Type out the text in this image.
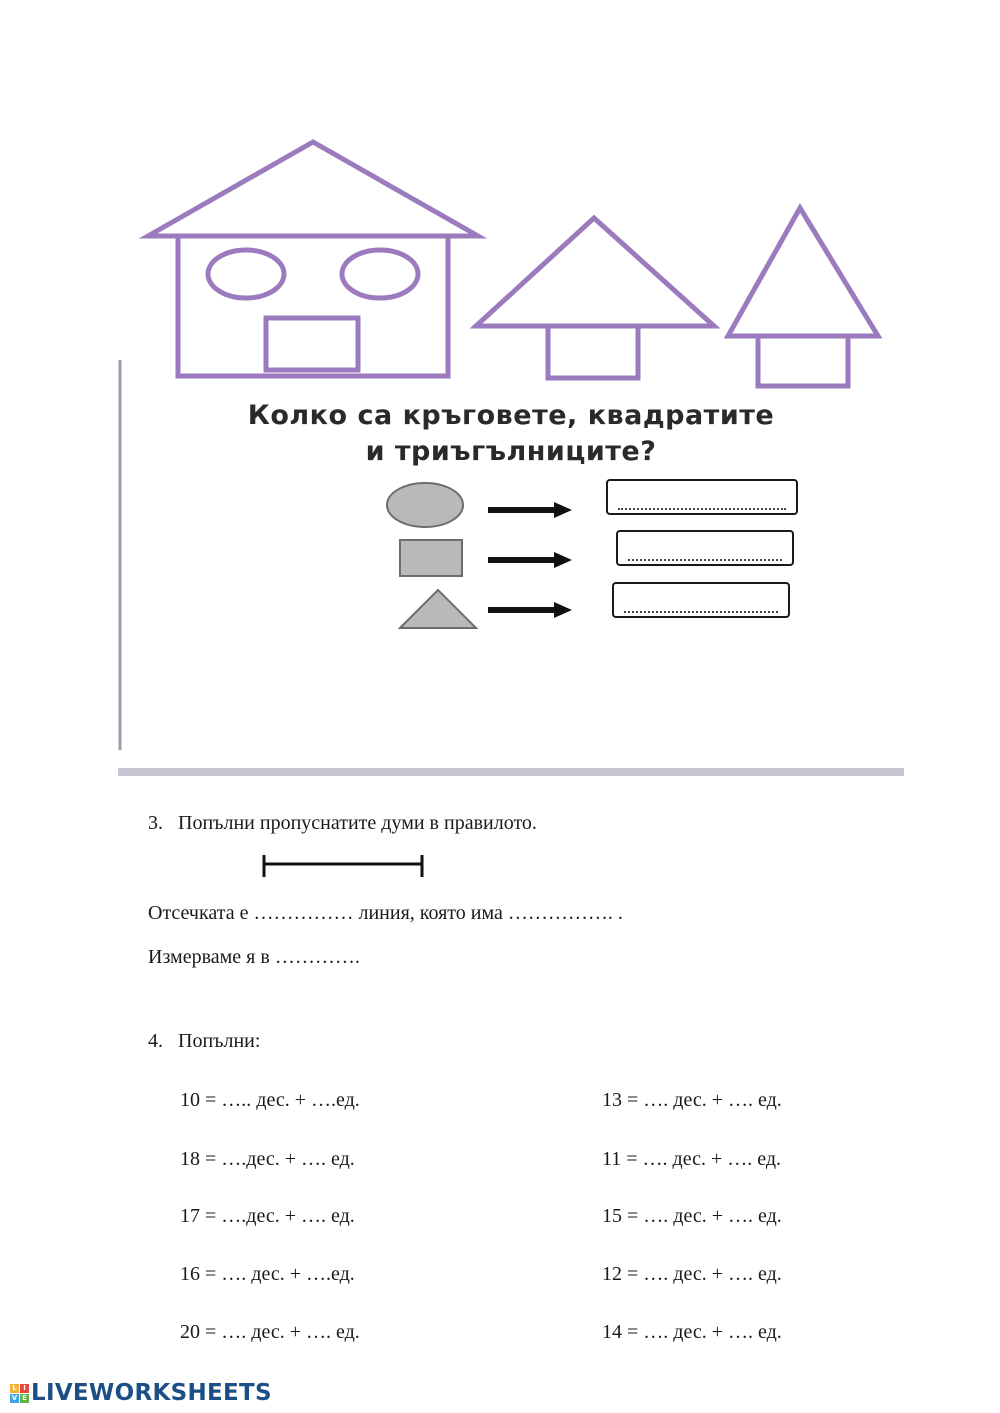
Колко са кръговете, квадратите
и триъгълниците?
3. Попълни пропуснатите думи в правилото.
Отсечката е …………… линия, която има ……………. .
Измерваме я в ………….
4. Попълни:
10 = ….. дес. + ….ед.
18 = ….дес. + …. ед.
17 = ….дес. + …. ед.
16 = …. дес. + ….ед.
20 = …. дес. + …. ед.
13 = …. дес. + …. ед.
11 = …. дес. + …. ед.
15 = …. дес. + …. ед.
12 = …. дес. + …. ед.
14 = …. дес. + …. ед.
L I
V E LIVEWORKSHEETS
